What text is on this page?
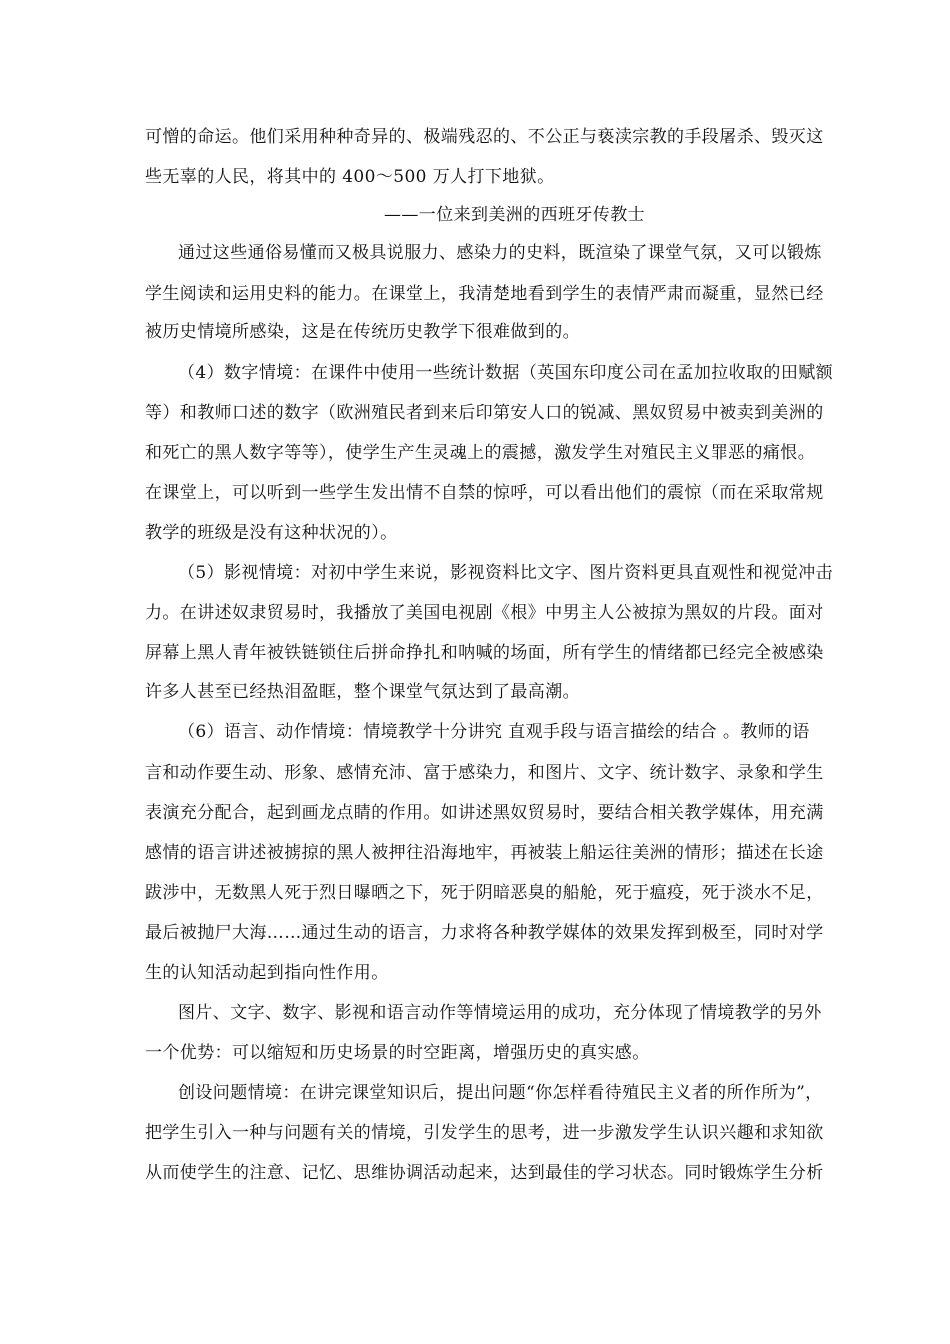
可憎的命运。他们采用种种奇异的、极端残忍的、不公正与亵渎宗教的手段屠杀、毁灭这
些无辜的人民，将其中的 400～500 万人打下地狱。
——一位来到美洲的西班牙传教士
通过这些通俗易懂而又极具说服力、感染力的史料，既渲染了课堂气氛，又可以锻炼
学生阅读和运用史料的能力。在课堂上，我清楚地看到学生的表情严肃而凝重，显然已经
被历史情境所感染，这是在传统历史教学下很难做到的。
（4）数字情境：在课件中使用一些统计数据（英国东印度公司在孟加拉收取的田赋额
等）和教师口述的数字（欧洲殖民者到来后印第安人口的锐减、黑奴贸易中被卖到美洲的
和死亡的黑人数字等等），使学生产生灵魂上的震撼，激发学生对殖民主义罪恶的痛恨。
在课堂上，可以听到一些学生发出情不自禁的惊呼，可以看出他们的震惊（而在采取常规
教学的班级是没有这种状况的）。
（5）影视情境：对初中学生来说，影视资料比文字、图片资料更具直观性和视觉冲击
力。在讲述奴隶贸易时，我播放了美国电视剧《根》中男主人公被掠为黑奴的片段。面对
屏幕上黑人青年被铁链锁住后拼命挣扎和呐喊的场面，所有学生的情绪都已经完全被感染
许多人甚至已经热泪盈眶，整个课堂气氛达到了最高潮。
（6）语言、动作情境：情境教学十分讲究 直观手段与语言描绘的结合 。教师的语
言和动作要生动、形象、感情充沛、富于感染力，和图片、文字、统计数字、录象和学生
表演充分配合，起到画龙点睛的作用。如讲述黑奴贸易时，要结合相关教学媒体，用充满
感情的语言讲述被掳掠的黑人被押往沿海地牢，再被装上船运往美洲的情形；描述在长途
跋涉中，无数黑人死于烈日曝晒之下，死于阴暗恶臭的船舱，死于瘟疫，死于淡水不足，
最后被抛尸大海……通过生动的语言，力求将各种教学媒体的效果发挥到极至，同时对学
生的认知活动起到指向性作用。
图片、文字、数字、影视和语言动作等情境运用的成功，充分体现了情境教学的另外
一个优势：可以缩短和历史场景的时空距离，增强历史的真实感。
创设问题情境：在讲完课堂知识后，提出问题“你怎样看待殖民主义者的所作所为”，
把学生引入一种与问题有关的情境，引发学生的思考，进一步激发学生认识兴趣和求知欲
从而使学生的注意、记忆、思维协调活动起来，达到最佳的学习状态。同时锻炼学生分析
